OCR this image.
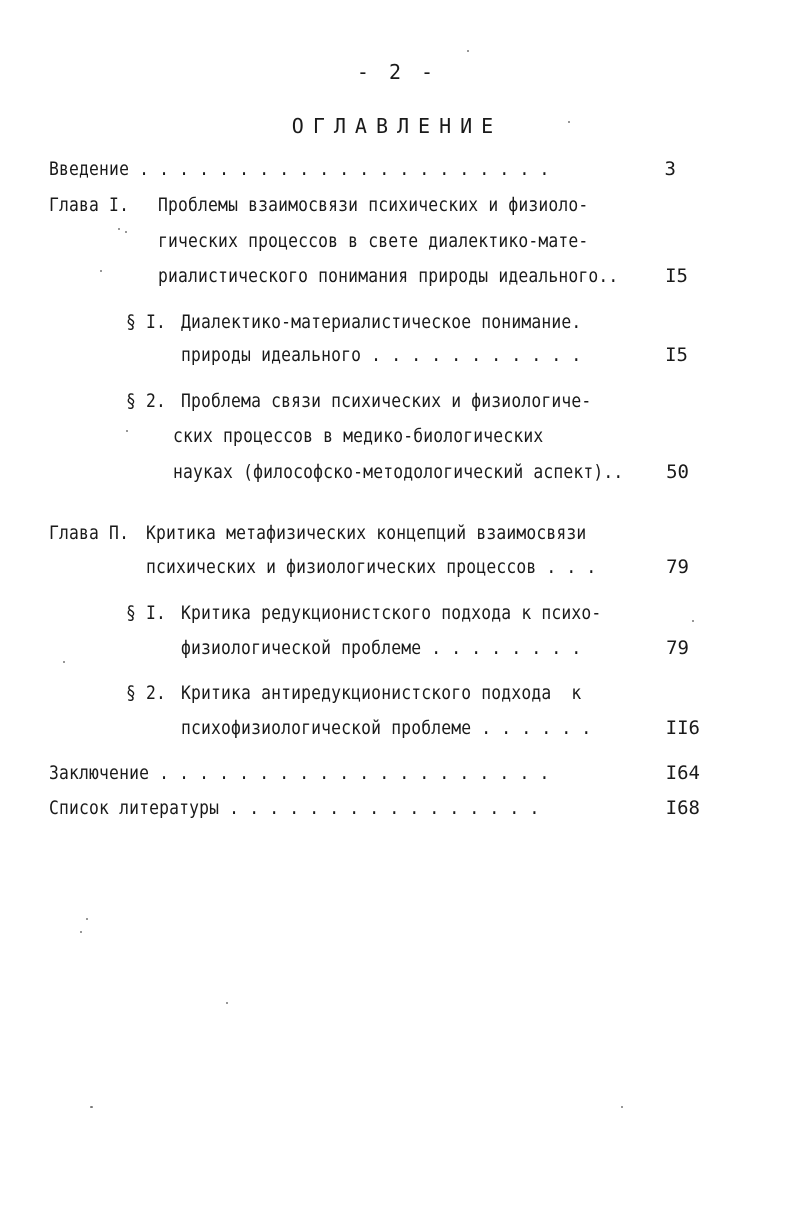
- 2 -
ОГЛАВЛЕНИЕ
Введение . . . . . . . . . . . . . . . . . . . . .	3
Глава I. Проблемы взаимосвязи психических и физиоло-
гических процессов в свете диалектико-мате-
риалистического понимания природы идеального..	I5
§ I. Диалектико-материалистическое понимание.
природы идеального . . . . . . . . . . .	I5
§ 2. Проблема связи психических и физиологиче-
ских процессов в медико-биологических
науках (философско-методологический аспект)..	50
Глава П. Критика метафизических концепций взаимосвязи
психических и физиологических процессов . . .	79
§ I. Критика редукционистского подхода к психо-
физиологической проблеме . . . . . . . .	79
§ 2. Критика антиредукционистского подхода  к
психофизиологической проблеме . . . . . .	II6
Заключение . . . . . . . . . . . . . . . . . . . .	I64
Список литературы . . . . . . . . . . . . . . . .	I68
